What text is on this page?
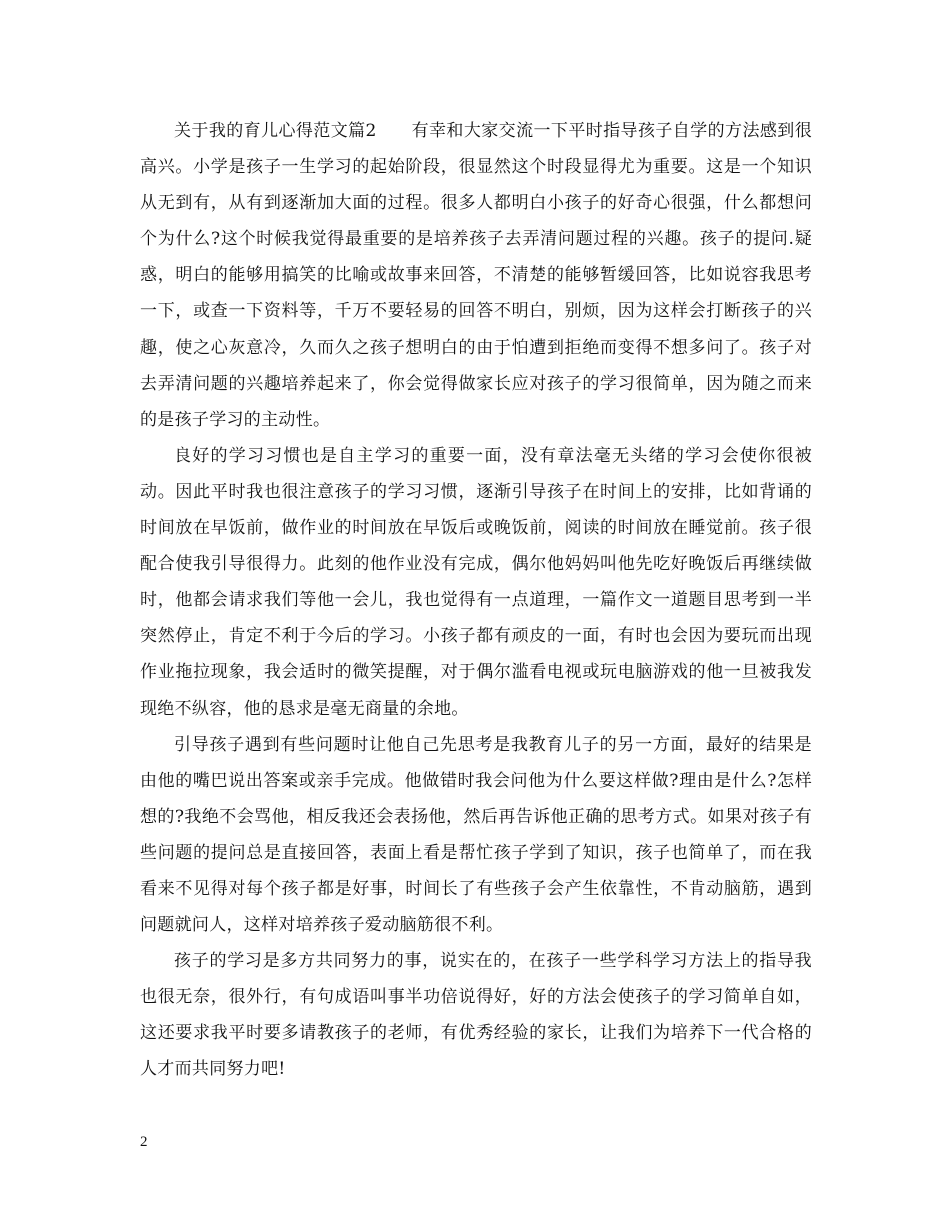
关于我的育儿心得范文篇2　　有幸和大家交流一下平时指导孩子自学的方法感到很高兴。小学是孩子一生学习的起始阶段，很显然这个时段显得尤为重要。这是一个知识从无到有，从有到逐渐加大面的过程。很多人都明白小孩子的好奇心很强，什么都想问个为什么?这个时候我觉得最重要的是培养孩子去弄清问题过程的兴趣。孩子的提问.疑惑，明白的能够用搞笑的比喻或故事来回答，不清楚的能够暂缓回答，比如说容我思考一下，或查一下资料等，千万不要轻易的回答不明白，别烦，因为这样会打断孩子的兴趣，使之心灰意冷，久而久之孩子想明白的由于怕遭到拒绝而变得不想多问了。孩子对去弄清问题的兴趣培养起来了，你会觉得做家长应对孩子的学习很简单，因为随之而来的是孩子学习的主动性。

良好的学习习惯也是自主学习的重要一面，没有章法毫无头绪的学习会使你很被动。因此平时我也很注意孩子的学习习惯，逐渐引导孩子在时间上的安排，比如背诵的时间放在早饭前，做作业的时间放在早饭后或晚饭前，阅读的时间放在睡觉前。孩子很配合使我引导很得力。此刻的他作业没有完成，偶尔他妈妈叫他先吃好晚饭后再继续做时，他都会请求我们等他一会儿，我也觉得有一点道理，一篇作文一道题目思考到一半突然停止，肯定不利于今后的学习。小孩子都有顽皮的一面，有时也会因为要玩而出现作业拖拉现象，我会适时的微笑提醒，对于偶尔滥看电视或玩电脑游戏的他一旦被我发现绝不纵容，他的恳求是毫无商量的余地。

引导孩子遇到有些问题时让他自己先思考是我教育儿子的另一方面，最好的结果是由他的嘴巴说出答案或亲手完成。他做错时我会问他为什么要这样做?理由是什么?怎样想的?我绝不会骂他，相反我还会表扬他，然后再告诉他正确的思考方式。如果对孩子有些问题的提问总是直接回答，表面上看是帮忙孩子学到了知识，孩子也简单了，而在我看来不见得对每个孩子都是好事，时间长了有些孩子会产生依靠性，不肯动脑筋，遇到问题就问人，这样对培养孩子爱动脑筋很不利。

孩子的学习是多方共同努力的事，说实在的，在孩子一些学科学习方法上的指导我也很无奈，很外行，有句成语叫事半功倍说得好，好的方法会使孩子的学习简单自如，这还要求我平时要多请教孩子的老师，有优秀经验的家长，让我们为培养下一代合格的人才而共同努力吧!

2
